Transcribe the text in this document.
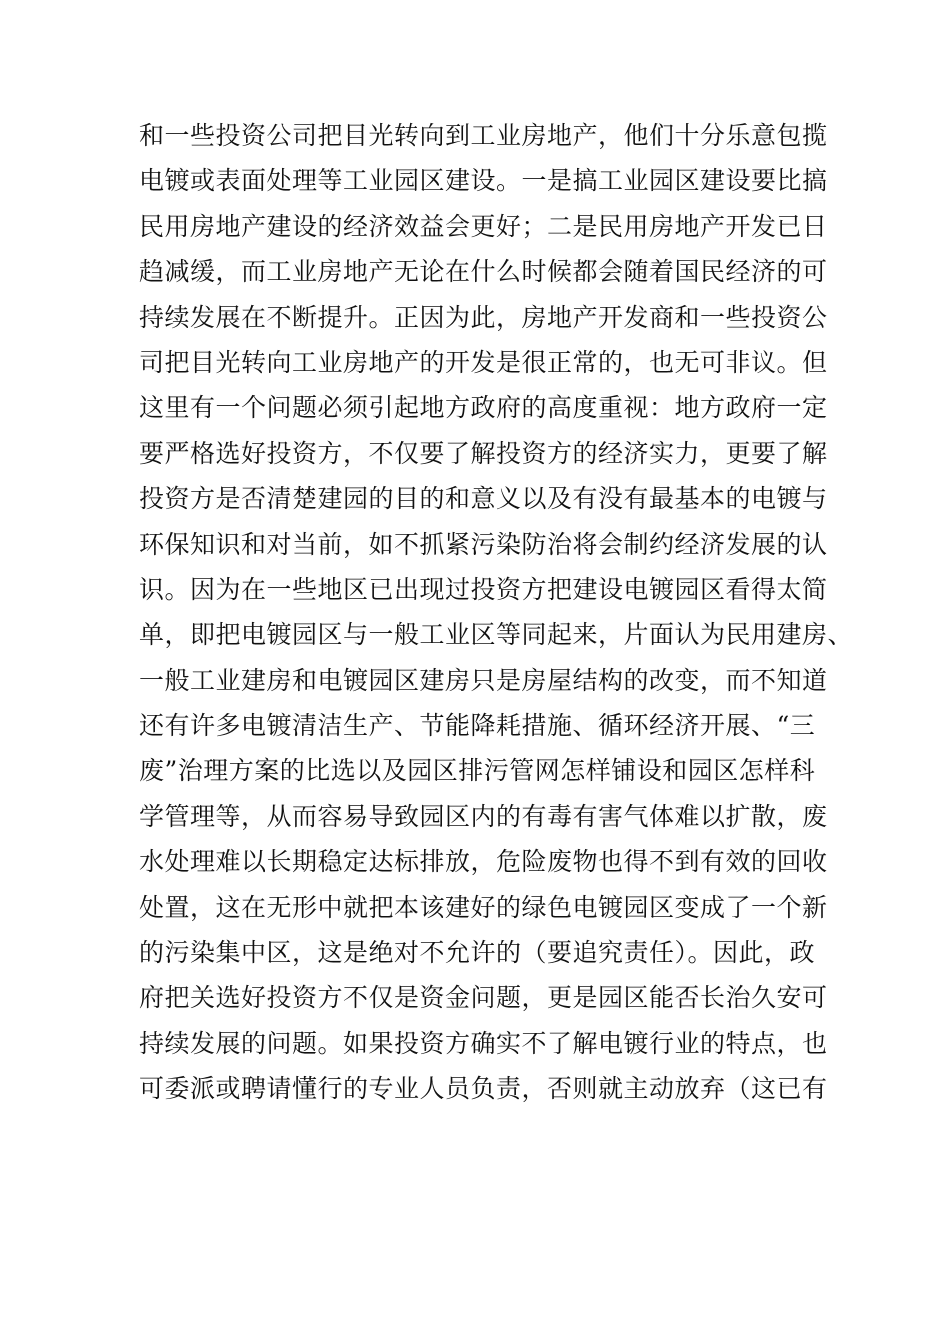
和一些投资公司把目光转向到工业房地产，他们十分乐意包揽
电镀或表面处理等工业园区建设。一是搞工业园区建设要比搞
民用房地产建设的经济效益会更好；二是民用房地产开发已日
趋减缓，而工业房地产无论在什么时候都会随着国民经济的可
持续发展在不断提升。正因为此，房地产开发商和一些投资公
司把目光转向工业房地产的开发是很正常的，也无可非议。但
这里有一个问题必须引起地方政府的高度重视：地方政府一定
要严格选好投资方，不仅要了解投资方的经济实力，更要了解
投资方是否清楚建园的目的和意义以及有没有最基本的电镀与
环保知识和对当前，如不抓紧污染防治将会制约经济发展的认
识。因为在一些地区已出现过投资方把建设电镀园区看得太简
单，即把电镀园区与一般工业区等同起来，片面认为民用建房、
一般工业建房和电镀园区建房只是房屋结构的改变，而不知道
还有许多电镀清洁生产、节能降耗措施、循环经济开展、“三
废”治理方案的比选以及园区排污管网怎样铺设和园区怎样科
学管理等，从而容易导致园区内的有毒有害气体难以扩散，废
水处理难以长期稳定达标排放，危险废物也得不到有效的回收
处置，这在无形中就把本该建好的绿色电镀园区变成了一个新
的污染集中区，这是绝对不允许的（要追究责任）。因此，政
府把关选好投资方不仅是资金问题，更是园区能否长治久安可
持续发展的问题。如果投资方确实不了解电镀行业的特点，也
可委派或聘请懂行的专业人员负责，否则就主动放弃（这已有
